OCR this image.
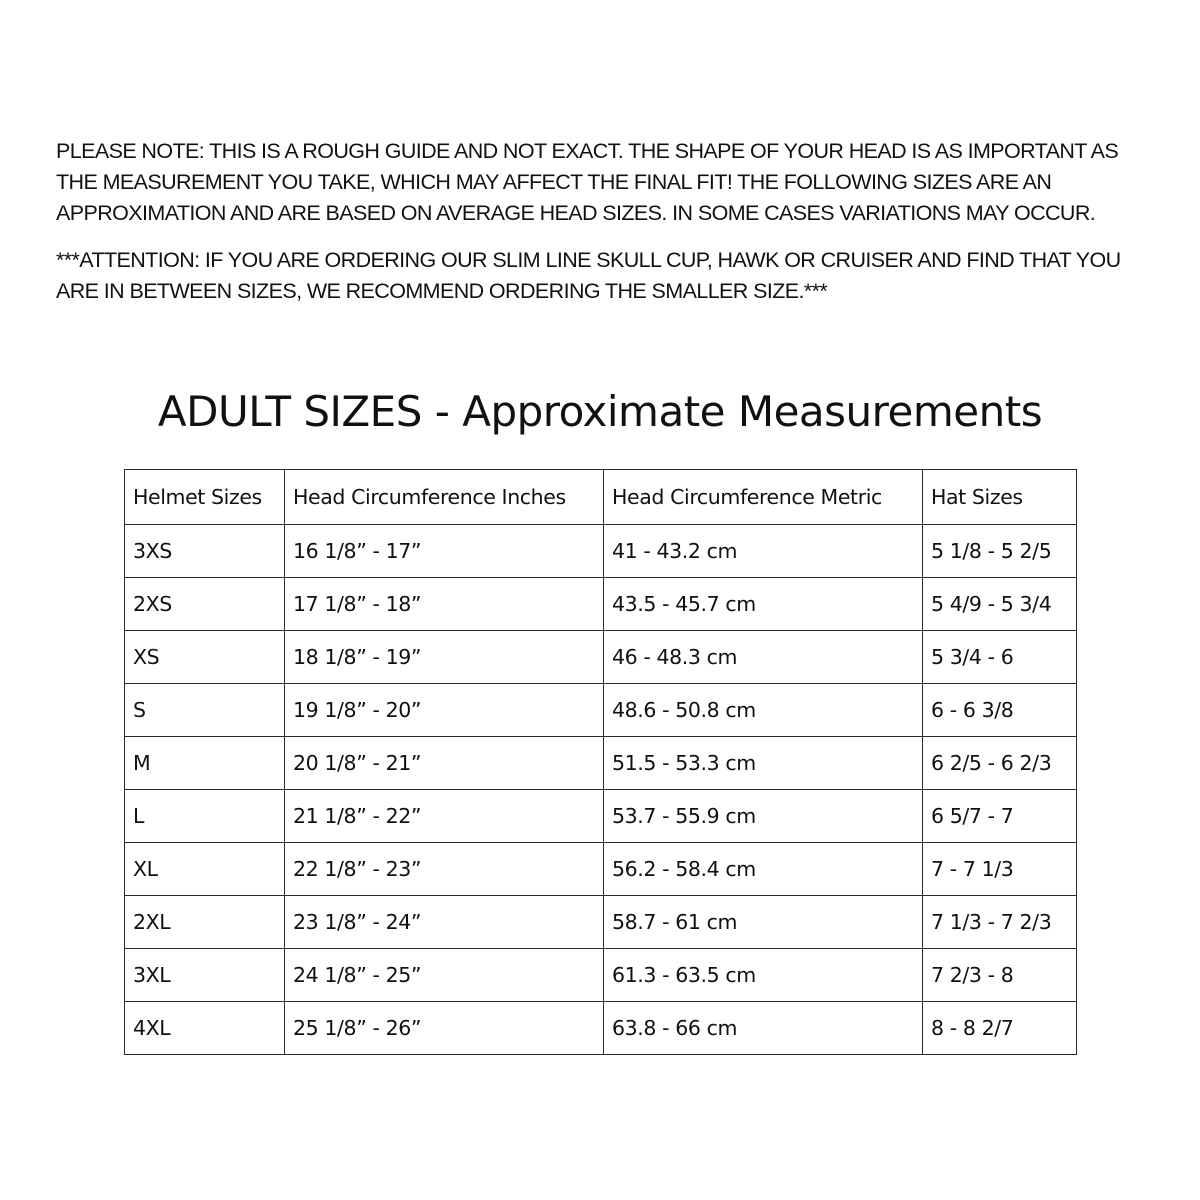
PLEASE NOTE: THIS IS A ROUGH GUIDE AND NOT EXACT. THE SHAPE OF YOUR HEAD IS AS IMPORTANT AS THE MEASUREMENT YOU TAKE, WHICH MAY AFFECT THE FINAL FIT! THE FOLLOWING SIZES ARE AN APPROXIMATION AND ARE BASED ON AVERAGE HEAD SIZES. IN SOME CASES VARIATIONS MAY OCCUR.

***ATTENTION: IF YOU ARE ORDERING OUR SLIM LINE SKULL CUP, HAWK OR CRUISER AND FIND THAT YOU ARE IN BETWEEN SIZES, WE RECOMMEND ORDERING THE SMALLER SIZE.***

ADULT SIZES - Approximate Measurements
Helmet Sizes	Head Circumference Inches	Head Circumference Metric	Hat Sizes
3XS	16 1/8” - 17”	41 - 43.2 cm	5 1/8 - 5 2/5
2XS	17 1/8” - 18”	43.5 - 45.7 cm	5 4/9 - 5 3/4
XS	18 1/8” - 19”	46 - 48.3 cm	5 3/4 - 6
S	19 1/8” - 20”	48.6 - 50.8 cm	6 - 6 3/8
M	20 1/8” - 21”	51.5 - 53.3 cm	6 2/5 - 6 2/3
L	21 1/8” - 22”	53.7 - 55.9 cm	6 5/7 - 7
XL	22 1/8” - 23”	56.2 - 58.4 cm	7 - 7 1/3
2XL	23 1/8” - 24”	58.7 - 61 cm	7 1/3 - 7 2/3
3XL	24 1/8” - 25”	61.3 - 63.5 cm	7 2/3 - 8
4XL	25 1/8” - 26”	63.8 - 66 cm	8 - 8 2/7
